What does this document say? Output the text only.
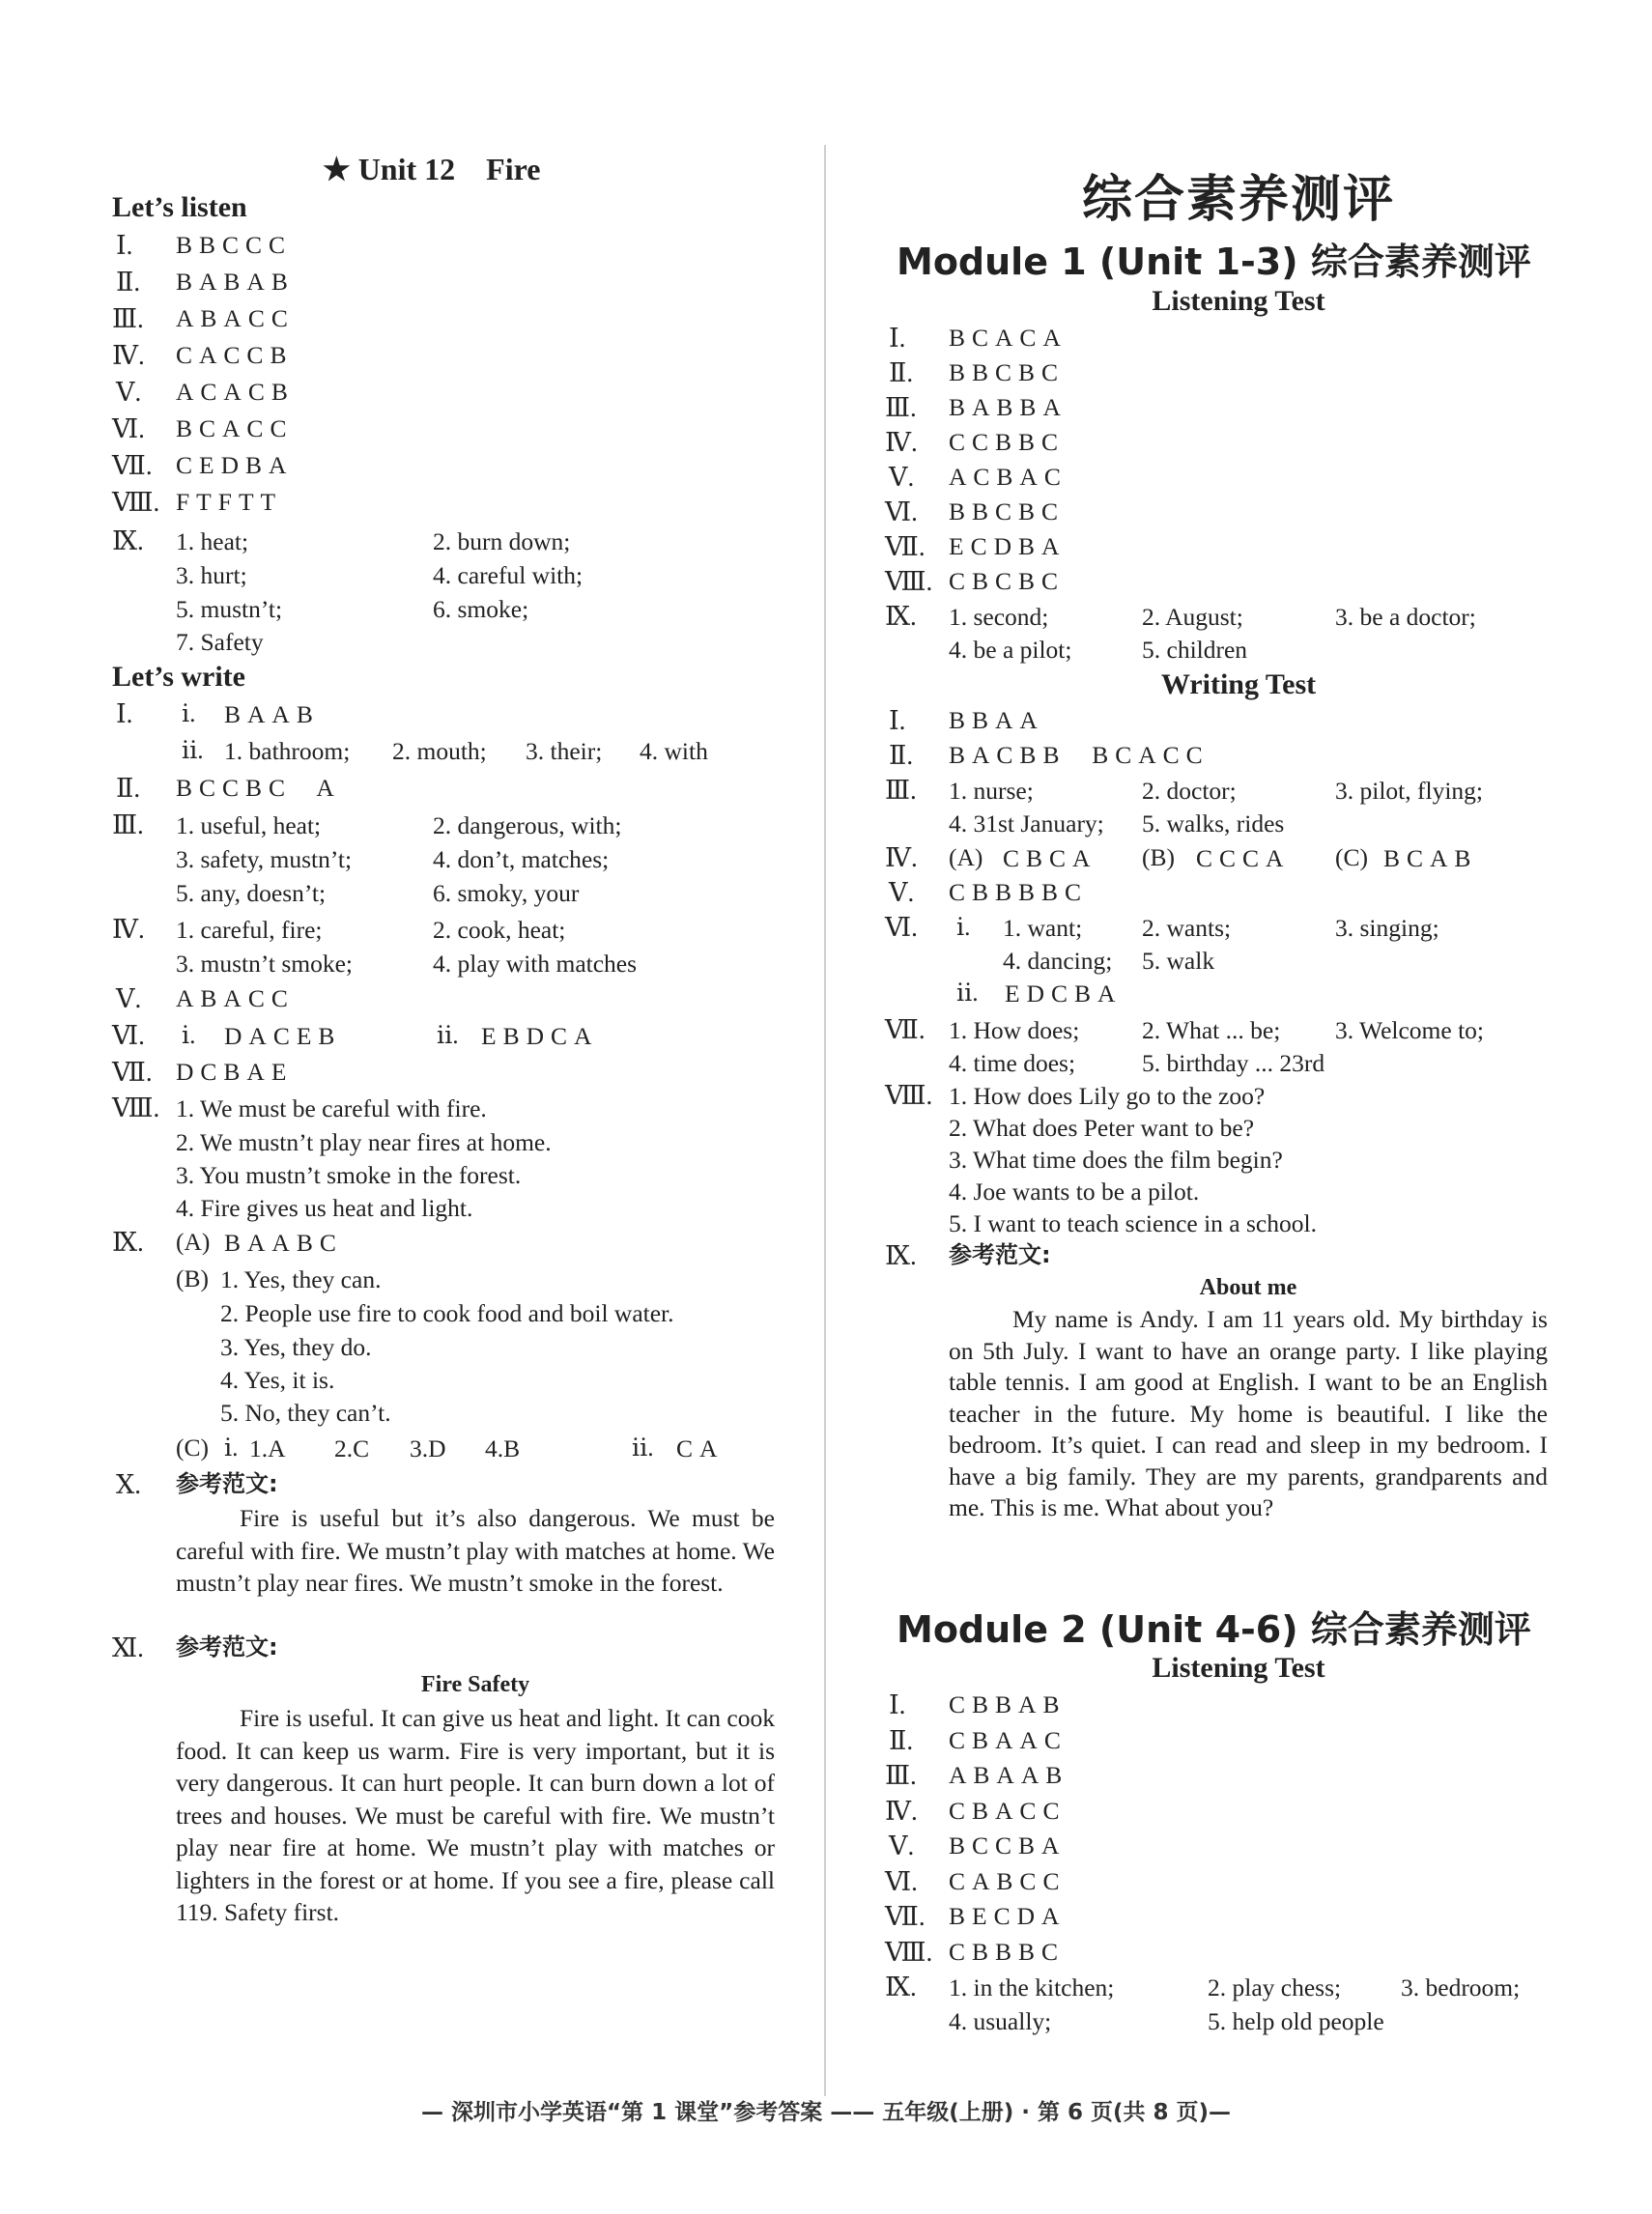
★ Unit 12    Fire
Let’s listen
Ⅰ. BBCCC
Ⅱ. BABAB
Ⅲ. ABACC
Ⅳ. CACCB
Ⅴ. ACACB
Ⅵ. BCACC
Ⅶ. CEDBA
Ⅷ. FTFTT
Ⅸ. 1. heat;	2. burn down;
3. hurt;	4. careful with;
5. mustn’t;	6. smoke;
7. Safety
Let’s write
Ⅰ. ⅰ. BAAB
ⅱ. 1. bathroom; 2. mouth; 3. their; 4. with
Ⅱ. BCCBC  A
Ⅲ. 1. useful, heat;	2. dangerous, with;
3. safety, mustn’t;	4. don’t, matches;
5. any, doesn’t;	6. smoky, your
Ⅳ. 1. careful, fire;	2. cook, heat;
3. mustn’t smoke;	4. play with matches
Ⅴ. ABACC
Ⅵ. ⅰ. DACEB	ⅱ. EBDCA
Ⅶ. DCBAE
Ⅷ. 1. We must be careful with fire.
2. We mustn’t play near fires at home.
3. You mustn’t smoke in the forest.
4. Fire gives us heat and light.
Ⅸ. (A) BAABC
(B) 1. Yes, they can.
2. People use fire to cook food and boil water.
3. Yes, they do.
4. Yes, it is.
5. No, they can’t.
(C) ⅰ. 1.A 2.C 3.D 4.B	ⅱ. CA
Ⅹ. 参考范文:

Fire is useful but it’s also dangerous. We must be careful with fire. We mustn’t play with matches at home. We mustn’t play near fires. We mustn’t smoke in the forest.

Ⅺ. 参考范文:
Fire Safety

Fire is useful. It can give us heat and light. It can cook food. It can keep us warm. Fire is very important, but it is very dangerous. It can hurt people. It can burn down a lot of trees and houses. We must be careful with fire. We mustn’t play near fire at home. We mustn’t play with matches or lighters in the forest or at home. If you see a fire, please call 119. Safety first.

综合素养测评
Module 1 (Unit 1-3) 综合素养测评
Listening Test
Ⅰ. BCACA
Ⅱ. BBCBC
Ⅲ. BABBA
Ⅳ. CCBBC
Ⅴ. ACBAC
Ⅵ. BBCBC
Ⅶ. ECDBA
Ⅷ. CBCBC
Ⅸ. 1. second;	2. August;	3. be a doctor;
4. be a pilot;	5. children
Writing Test
Ⅰ. BBAA
Ⅱ. BACBB  BCACC
Ⅲ. 1. nurse;	2. doctor;	3. pilot, flying;
4. 31st January; 5. walks, rides
Ⅳ. (A) CBCA (B) CCCA (C) BCAB
Ⅴ. CBBBBC
Ⅵ. ⅰ. 1. want; 2. wants;	3. singing;
4. dancing; 5. walk
ⅱ. EDCBA
Ⅶ. 1. How does;	2. What ... be; 3. Welcome to;
4. time does;	5. birthday ... 23rd
Ⅷ. 1. How does Lily go to the zoo?
2. What does Peter want to be?
3. What time does the film begin?
4. Joe wants to be a pilot.
5. I want to teach science in a school.
Ⅸ. 参考范文:
About me

My name is Andy. I am 11 years old. My birthday is on 5th July. I want to have an orange party. I like playing table tennis. I am good at English. I want to be an English teacher in the future. My home is beautiful. I like the bedroom. It’s quiet. I can read and sleep in my bedroom. I have a big family. They are my parents, grandparents and me. This is me. What about you?

Module 2 (Unit 4-6) 综合素养测评
Listening Test
Ⅰ. CBBAB
Ⅱ. CBAAC
Ⅲ. ABAAB
Ⅳ. CBACC
Ⅴ. BCCBA
Ⅵ. CABCC
Ⅶ. BECDA
Ⅷ. CBBBC
Ⅸ. 1. in the kitchen;	2. play chess; 3. bedroom;
4. usually;	5. help old people
— 深圳市小学英语“第 1 课堂”参考答案 —— 五年级(上册) · 第 6 页(共 8 页)—
